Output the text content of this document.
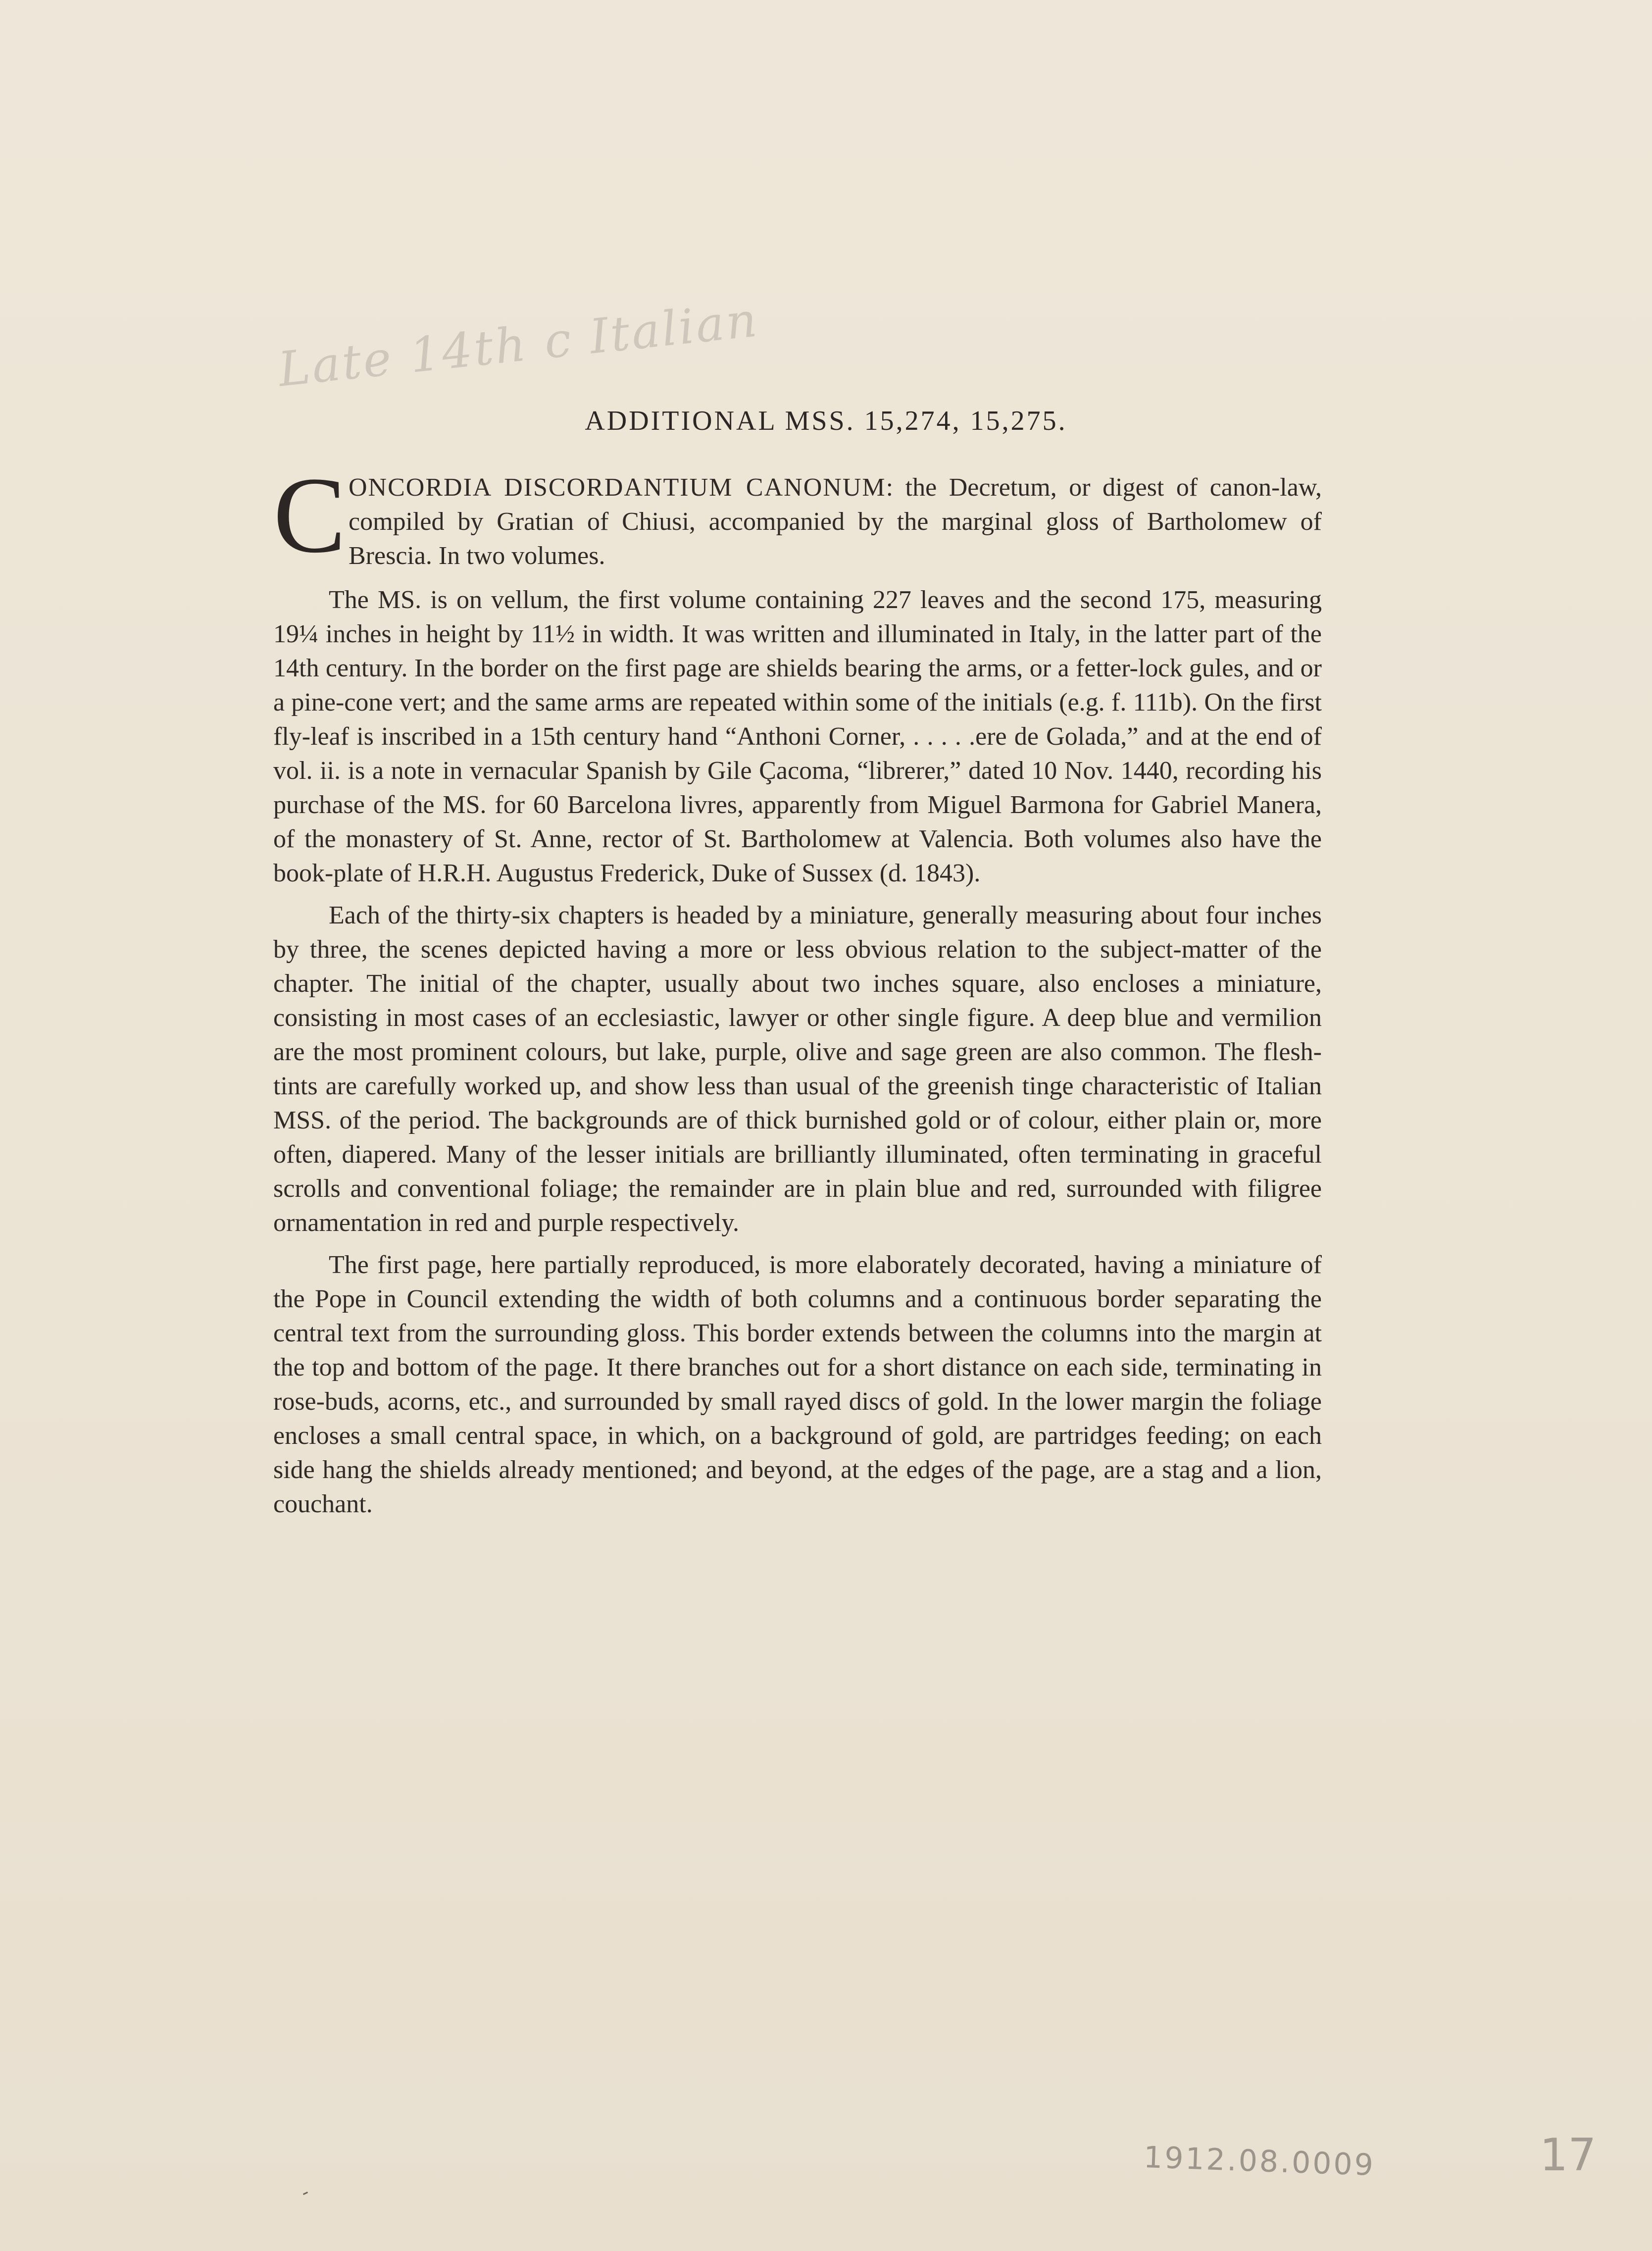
Late 14th c Italian
ADDITIONAL MSS. 15,274, 15,275.

C ONCORDIA DISCORDANTIUM CANONUM: the Decretum, or digest of canon-law, compiled by Gratian of Chiusi, accompanied by the marginal gloss of Bartholomew of Brescia. In two volumes.

The MS. is on vellum, the first volume containing 227 leaves and the second 175, measuring 19¼ inches in height by 11½ in width. It was written and illuminated in Italy, in the latter part of the 14th century. In the border on the first page are shields bearing the arms, or a fetter-lock gules, and or a pine-cone vert; and the same arms are repeated within some of the initials (e.g. f. 111b). On the first fly-leaf is inscribed in a 15th century hand “Anthoni Corner, . . . . .ere de Golada,” and at the end of vol. ii. is a note in vernacular Spanish by Gile Çacoma, “librerer,” dated 10 Nov. 1440, recording his purchase of the MS. for 60 Barcelona livres, apparently from Miguel Barmona for Gabriel Manera, of the monastery of St. Anne, rector of St. Bartholomew at Valencia. Both volumes also have the book-plate of H.R.H. Augustus Frederick, Duke of Sussex (d. 1843).

Each of the thirty-six chapters is headed by a miniature, generally measuring about four inches by three, the scenes depicted having a more or less obvious relation to the subject-matter of the chapter. The initial of the chapter, usually about two inches square, also encloses a miniature, consisting in most cases of an ecclesiastic, lawyer or other single figure. A deep blue and vermilion are the most prominent colours, but lake, purple, olive and sage green are also common. The flesh-tints are carefully worked up, and show less than usual of the greenish tinge characteristic of Italian MSS. of the period. The backgrounds are of thick burnished gold or of colour, either plain or, more often, diapered. Many of the lesser initials are brilliantly illuminated, often terminating in graceful scrolls and conventional foliage; the remainder are in plain blue and red, surrounded with filigree ornamentation in red and purple respectively.

The first page, here partially reproduced, is more elaborately decorated, having a miniature of the Pope in Council extending the width of both columns and a continuous border separating the central text from the surrounding gloss. This border extends between the columns into the margin at the top and bottom of the page. It there branches out for a short distance on each side, terminating in rose-buds, acorns, etc., and surrounded by small rayed discs of gold. In the lower margin the foliage encloses a small central space, in which, on a background of gold, are partridges feeding; on each side hang the shields already mentioned; and beyond, at the edges of the page, are a stag and a lion, couchant.

1912.08.0009	17
